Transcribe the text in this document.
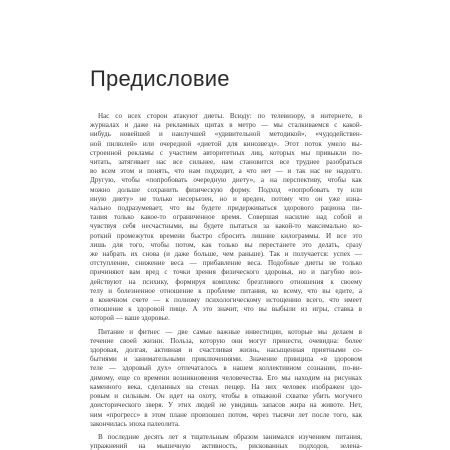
Предисловие
Нас со всех сторон атакуют диеты. Всюду: по телевизору, в интернете, в
журналах и даже на рекламных щитах в метро — мы сталкиваемся с какой-
нибудь новейшей и наилучшей «удивительной методикой», «чудодействен-
ной пилюлей» или очередной «диетой для кинозвезд». Этот поток умело вы-
строенной рекламы с участием авторитетных лиц, которых мы привыкли по-
читать, затягивает нас все сильнее, нам становится все труднее разобраться
во всем этом и понять, что нам подходит, а что нет — и так нас не надолго.
Другую, чтобы «попробовать очередную диету», а на перспективу, чтобы как
можно дольше сохранить физическую форму. Подход «попробовать ту или
иную диету» не только несерьезен, но и вреден, потому что он уже изна-
чально подразумевает, что вы будете придерживаться здорового рациона пи-
тания только какое-то ограниченное время. Совершая насилие над собой и
чувствуя себя несчастными, вы будете пытаться за какой-то максимально ко-
роткий промежуток времени быстро сбросить лишние килограммы. И все это
лишь для того, чтобы потом, как только вы перестанете это делать, сразу
же набрать их снова (и даже больше, чем раньше). Так и получается: успех —
отступление, снижение веса — прибавление веса. Подобные диеты не только
причиняют вам вред с точки зрения физического здоровья, но и пагубно воз-
действуют на психику, формируя комплекс брезгливого отношения к своему
телу и болезненное отношение к проблеме питания, ко всему, что вы едите, а
в конечном счете — к полному психологическому истощению всего, что имеет
отношение к здоровой пище. А это значит, что вы выбыли из игры, ставка в
которой — ваше здоровье.
Питание и фитнес — две самые важные инвестиции, которые мы делаем в
течение своей жизни. Польза, которую они могут принести, очевидна: более
здоровая, долгая, активная и счастливая жизнь, насыщенная приятными со-
бытиями и занимательными приключениями. Значение принципа «в здоровом
теле — здоровый дух» отпечаталось в нашем коллективном сознании, по-ви-
димому, еще со времени возникновения человечества. Его мы находим на рисунках
каменного века, сделанных на стенах пещер. На них человек изображен здо-
ровым и сильным. Он идет на охоту, чтобы в отважной схватке убить могучего
доисторического зверя. У этих людей не увидишь запасов жира на животе. Нет,
ним «прогресс» в этом плане произошел потом, через тысячи лет после того, как
закончилась эпоха палеолита.
В последние десять лет я тщательным образом занимался изучением питания,
упражнений на мышечную активность, рискованных подходов, зелена-
